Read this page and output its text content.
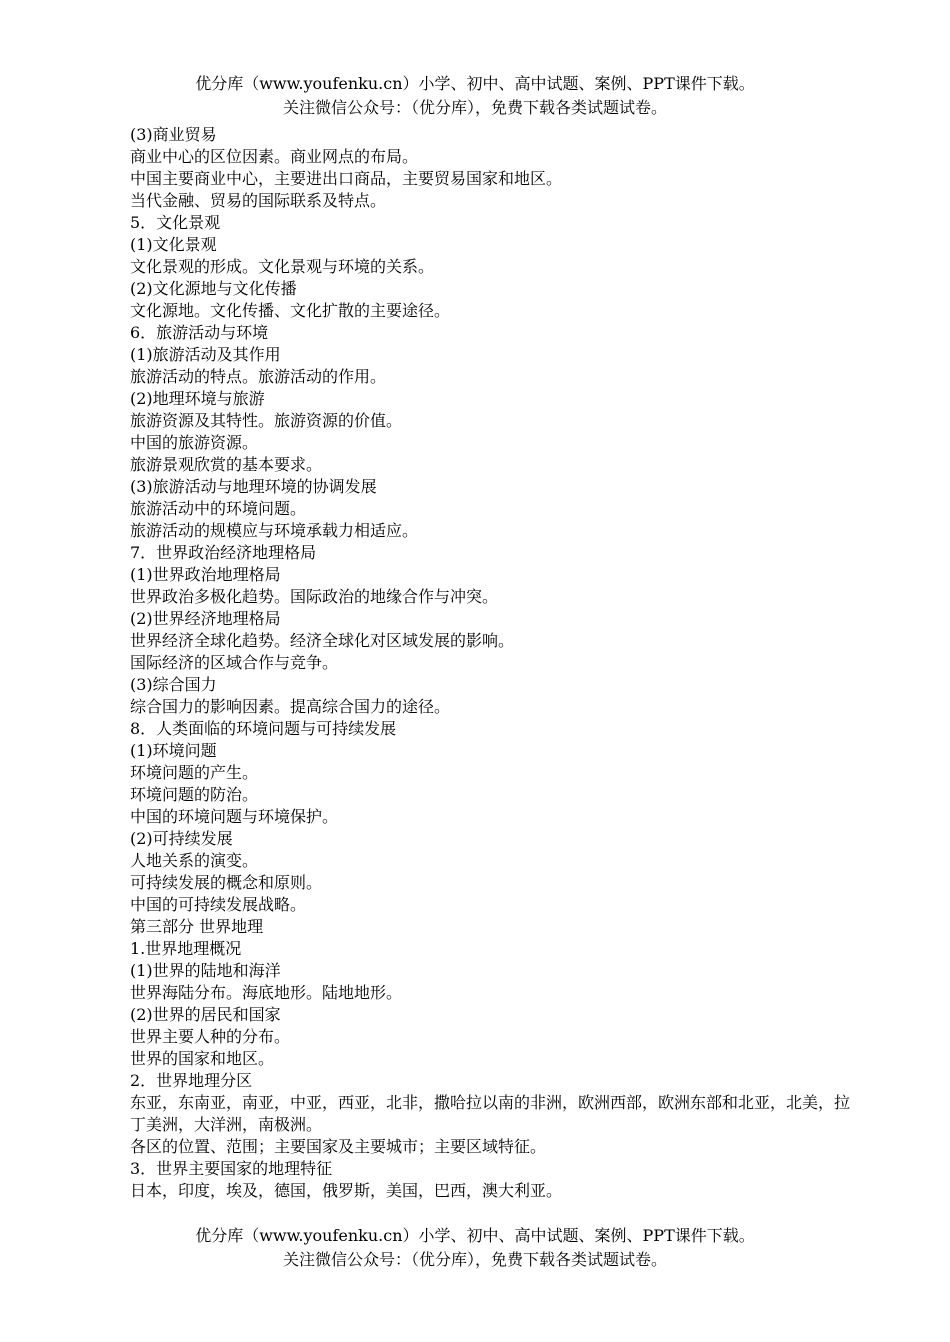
优分库（www.youfenku.cn）小学、初中、高中试题、案例、PPT课件下载。
关注微信公众号：（优分库），免费下载各类试题试卷。
(3)商业贸易
商业中心的区位因素。商业网点的布局。
中国主要商业中心，主要进出口商品，主要贸易国家和地区。
当代金融、贸易的国际联系及特点。
5．文化景观
(1)文化景观
文化景观的形成。文化景观与环境的关系。
(2)文化源地与文化传播
文化源地。文化传播、文化扩散的主要途径。
6．旅游活动与环境
(1)旅游活动及其作用
旅游活动的特点。旅游活动的作用。
(2)地理环境与旅游
旅游资源及其特性。旅游资源的价值。
中国的旅游资源。
旅游景观欣赏的基本要求。
(3)旅游活动与地理环境的协调发展
旅游活动中的环境问题。
旅游活动的规模应与环境承载力相适应。
7．世界政治经济地理格局
(1)世界政治地理格局
世界政治多极化趋势。国际政治的地缘合作与冲突。
(2)世界经济地理格局
世界经济全球化趋势。经济全球化对区域发展的影响。
国际经济的区域合作与竞争。
(3)综合国力
综合国力的影响因素。提高综合国力的途径。
8．人类面临的环境问题与可持续发展
(1)环境问题
环境问题的产生。
环境问题的防治。
中国的环境问题与环境保护。
(2)可持续发展
人地关系的演变。
可持续发展的概念和原则。
中国的可持续发展战略。
第三部分 世界地理
1.世界地理概况
(1)世界的陆地和海洋
世界海陆分布。海底地形。陆地地形。
(2)世界的居民和国家
世界主要人种的分布。
世界的国家和地区。
2．世界地理分区
东亚，东南亚，南亚，中亚，西亚，北非，撒哈拉以南的非洲，欧洲西部，欧洲东部和北亚，北美，拉丁美洲，大洋洲，南极洲。
各区的位置、范围；主要国家及主要城市；主要区域特征。
3．世界主要国家的地理特征
日本，印度，埃及，德国，俄罗斯，美国，巴西，澳大利亚。
优分库（www.youfenku.cn）小学、初中、高中试题、案例、PPT课件下载。
关注微信公众号：（优分库），免费下载各类试题试卷。
